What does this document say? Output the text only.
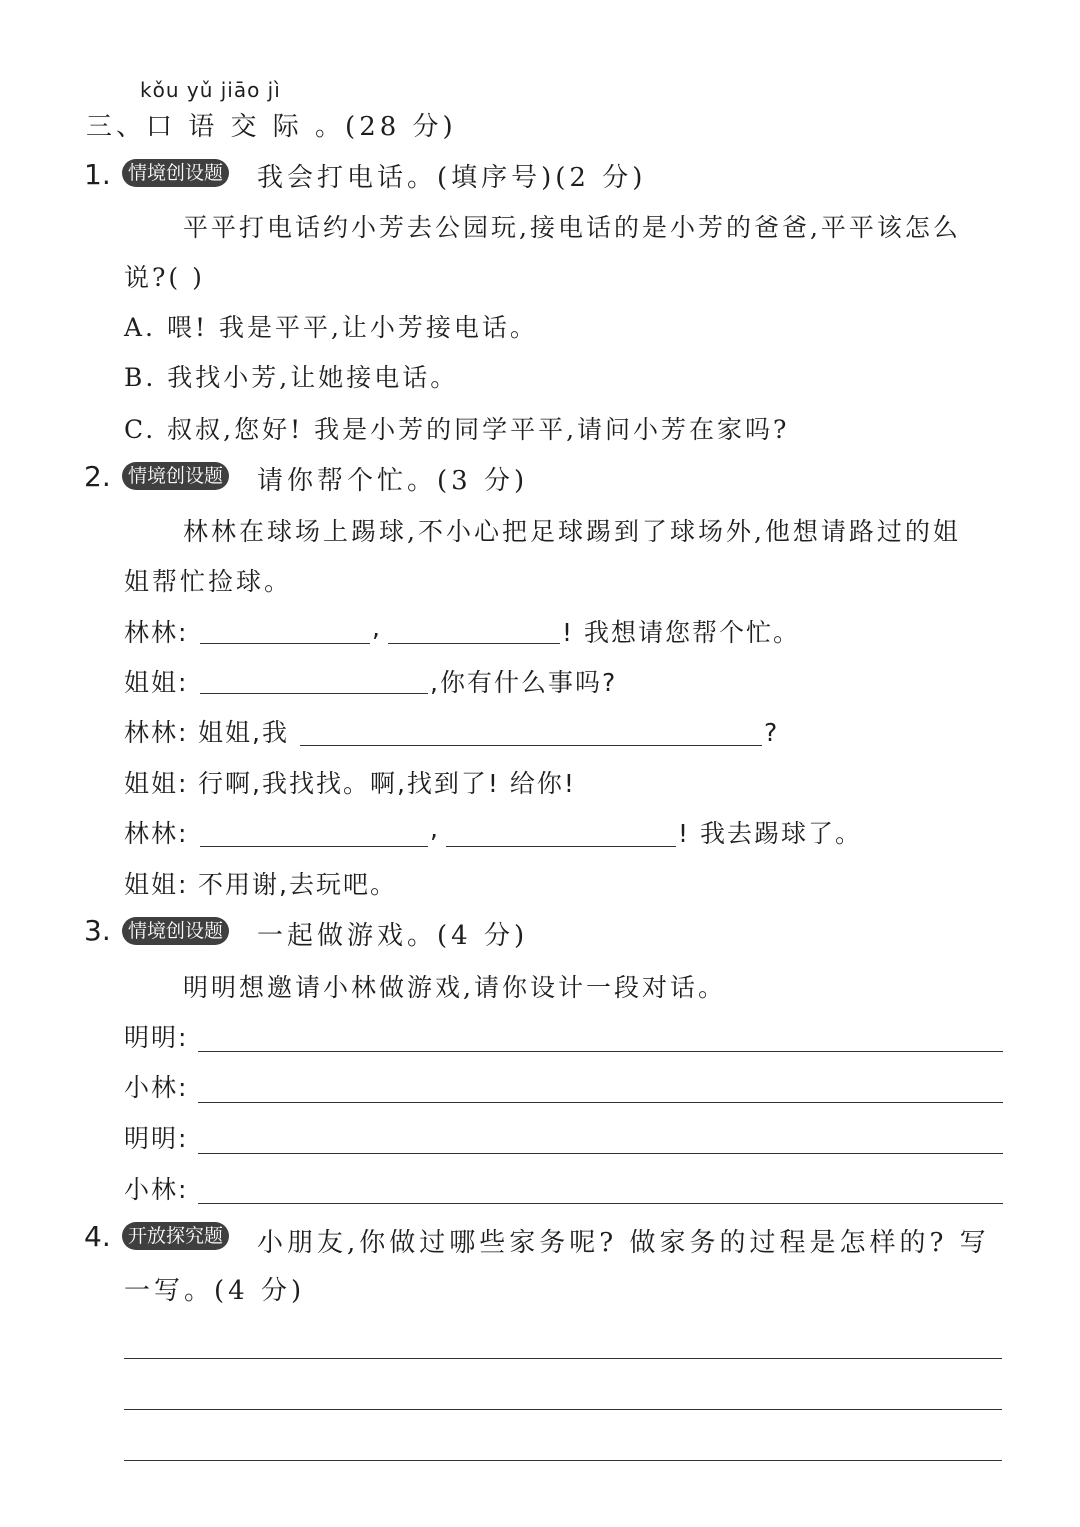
kǒu yǔ jiāo jì
三、口 语 交 际 。(28 分)
1. 情境创设题 我会打电话。(填序号)(2 分)
平平打电话约小芳去公园玩,接电话的是小芳的爸爸,平平该怎么
说?( )
A. 喂! 我是平平,让小芳接电话。
B. 我找小芳,让她接电话。
C. 叔叔,您好! 我是小芳的同学平平,请问小芳在家吗?
2. 情境创设题 请你帮个忙。(3 分)
林林在球场上踢球,不小心把足球踢到了球场外,他想请路过的姐
姐帮忙捡球。
林林:	,	! 我想请您帮个忙。
姐姐:	,你有什么事吗?
林林: 姐姐,我	?
姐姐: 行啊,我找找。啊,找到了! 给你!
林林:	,	! 我去踢球了。
姐姐: 不用谢,去玩吧。
3. 情境创设题 一起做游戏。(4 分)
明明想邀请小林做游戏,请你设计一段对话。
明明:
小林:
明明:
小林:
4. 开放探究题 小朋友,你做过哪些家务呢? 做家务的过程是怎样的? 写
一写。(4 分)
